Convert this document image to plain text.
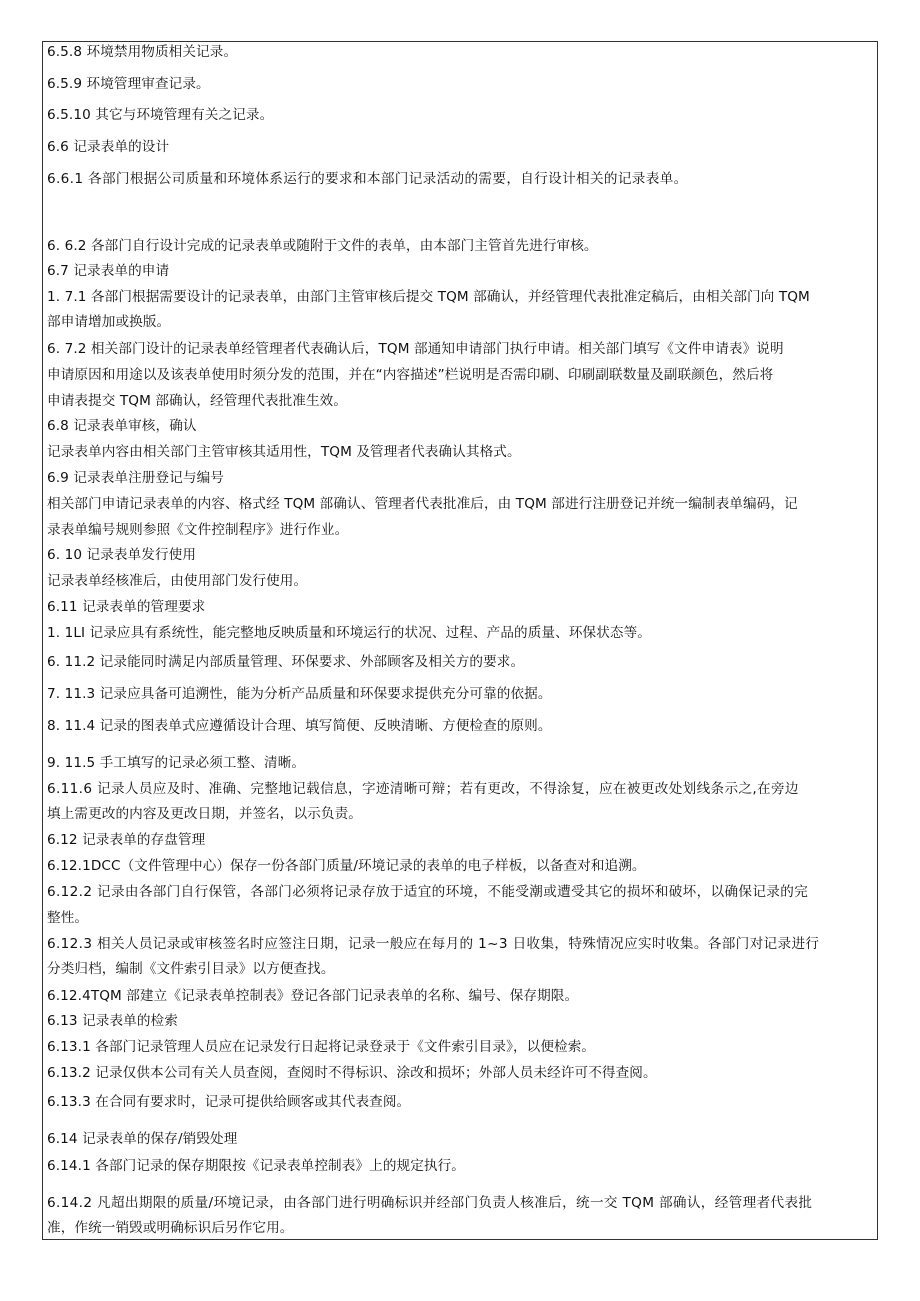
6.5.8 环境禁用物质相关记录。
6.5.9 环境管理审查记录。
6.5.10 其它与环境管理有关之记录。
6.6 记录表单的设计
6.6.1 各部门根据公司质量和环境体系运行的要求和本部门记录活动的需要，自行设计相关的记录表单。
6. 6.2 各部门自行设计完成的记录表单或随附于文件的表单，由本部门主管首先进行审核。
6.7 记录表单的申请
1. 7.1 各部门根据需要设计的记录表单，由部门主管审核后提交 TQM 部确认，并经管理代表批准定稿后，由相关部门向 TQM
部申请增加或换版。
6. 7.2 相关部门设计的记录表单经管理者代表确认后，TQM 部通知申请部门执行申请。相关部门填写《文件申请表》说明
申请原因和用途以及该表单使用时须分发的范围，并在“内容描述”栏说明是否需印刷、印刷副联数量及副联颜色，然后将
申请表提交 TQM 部确认，经管理代表批准生效。
6.8 记录表单审核，确认
记录表单内容由相关部门主管审核其适用性，TQM 及管理者代表确认其格式。
6.9 记录表单注册登记与编号
相关部门申请记录表单的内容、格式经 TQM 部确认、管理者代表批准后，由 TQM 部进行注册登记并统一编制表单编码，记
录表单编号规则参照《文件控制程序》进行作业。
6. 10 记录表单发行使用
记录表单经核准后，由使用部门发行使用。
6.11 记录表单的管理要求
1. 1LI 记录应具有系统性，能完整地反映质量和环境运行的状况、过程、产品的质量、环保状态等。
6. 11.2 记录能同时满足内部质量管理、环保要求、外部顾客及相关方的要求。
7. 11.3 记录应具备可追溯性，能为分析产品质量和环保要求提供充分可靠的依据。
8. 11.4 记录的图表单式应遵循设计合理、填写简便、反映清晰、方便检查的原则。
9. 11.5 手工填写的记录必须工整、清晰。
6.11.6 记录人员应及时、准确、完整地记载信息，字迹清晰可辩；若有更改，不得涂复，应在被更改处划线条示之,在旁边
填上需更改的内容及更改日期，并签名，以示负责。
6.12 记录表单的存盘管理
6.12.1DCC（文件管理中心）保存一份各部门质量/环境记录的表单的电子样板，以备查对和追溯。
6.12.2 记录由各部门自行保管，各部门必须将记录存放于适宜的环境，不能受潮或遭受其它的损坏和破坏，以确保记录的完
整性。
6.12.3 相关人员记录或审核签名时应签注日期，记录一般应在每月的 1~3 日收集，特殊情况应实时收集。各部门对记录进行
分类归档，编制《文件索引目录》以方便查找。
6.12.4TQM 部建立《记录表单控制表》登记各部门记录表单的名称、编号、保存期限。
6.13 记录表单的检索
6.13.1 各部门记录管理人员应在记录发行日起将记录登录于《文件索引目录》，以便检索。
6.13.2 记录仅供本公司有关人员查阅，查阅时不得标识、涂改和损坏；外部人员未经许可不得查阅。
6.13.3 在合同有要求时，记录可提供给顾客或其代表查阅。
6.14 记录表单的保存/销毁处理
6.14.1 各部门记录的保存期限按《记录表单控制表》上的规定执行。
6.14.2 凡超出期限的质量/环境记录，由各部门进行明确标识并经部门负责人核准后，统一交 TQM 部确认，经管理者代表批
准，作统一销毁或明确标识后另作它用。
